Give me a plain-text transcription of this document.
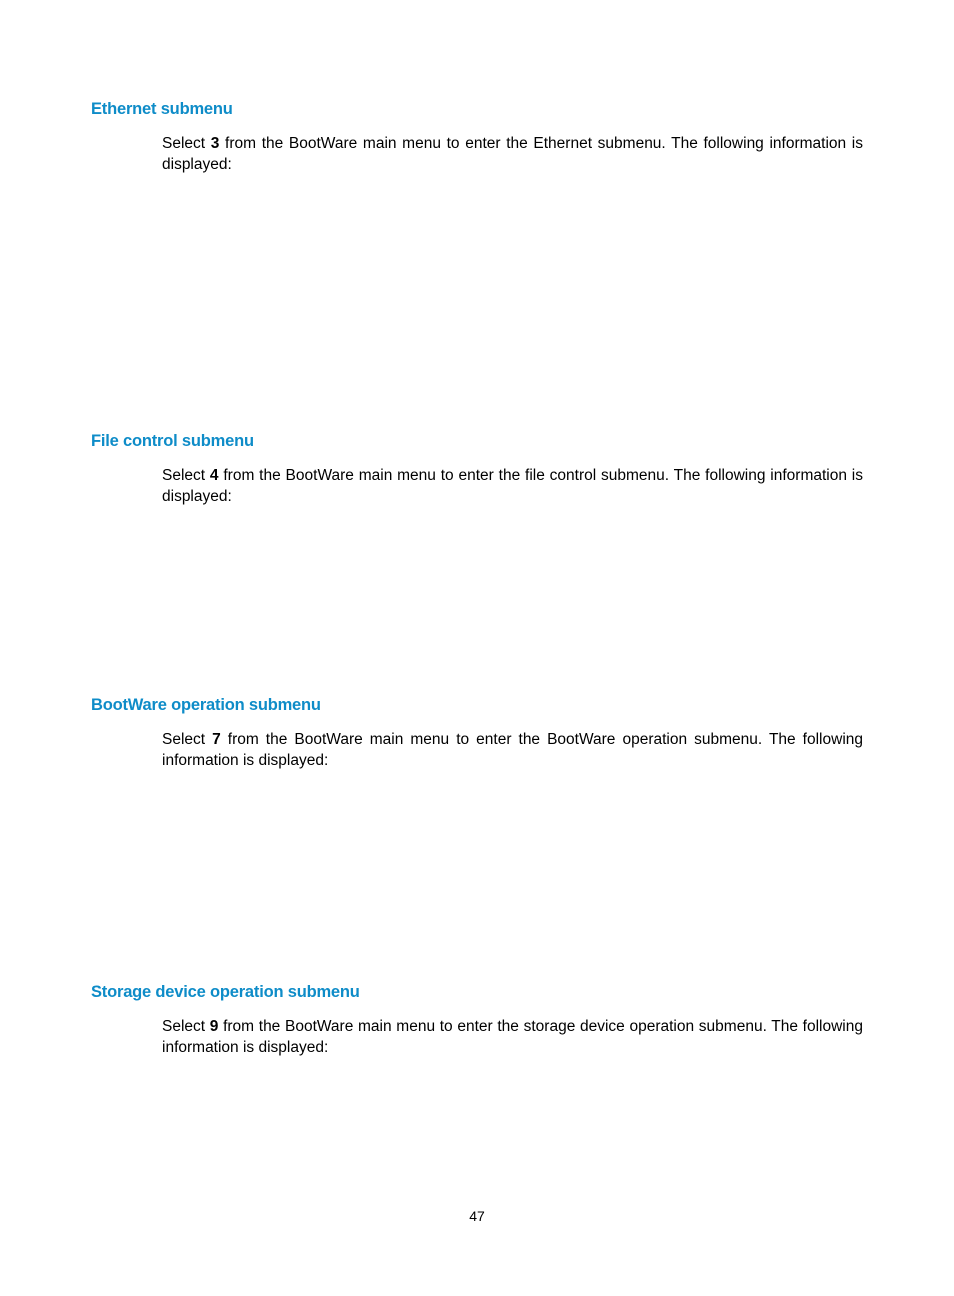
Ethernet submenu

Select 3 from the BootWare main menu to enter the Ethernet submenu. The following information is displayed:

File control submenu

Select 4 from the BootWare main menu to enter the file control submenu. The following information is displayed:

BootWare operation submenu

Select 7 from the BootWare main menu to enter the BootWare operation submenu. The following information is displayed:

Storage device operation submenu

Select 9 from the BootWare main menu to enter the storage device operation submenu. The following information is displayed:

47
